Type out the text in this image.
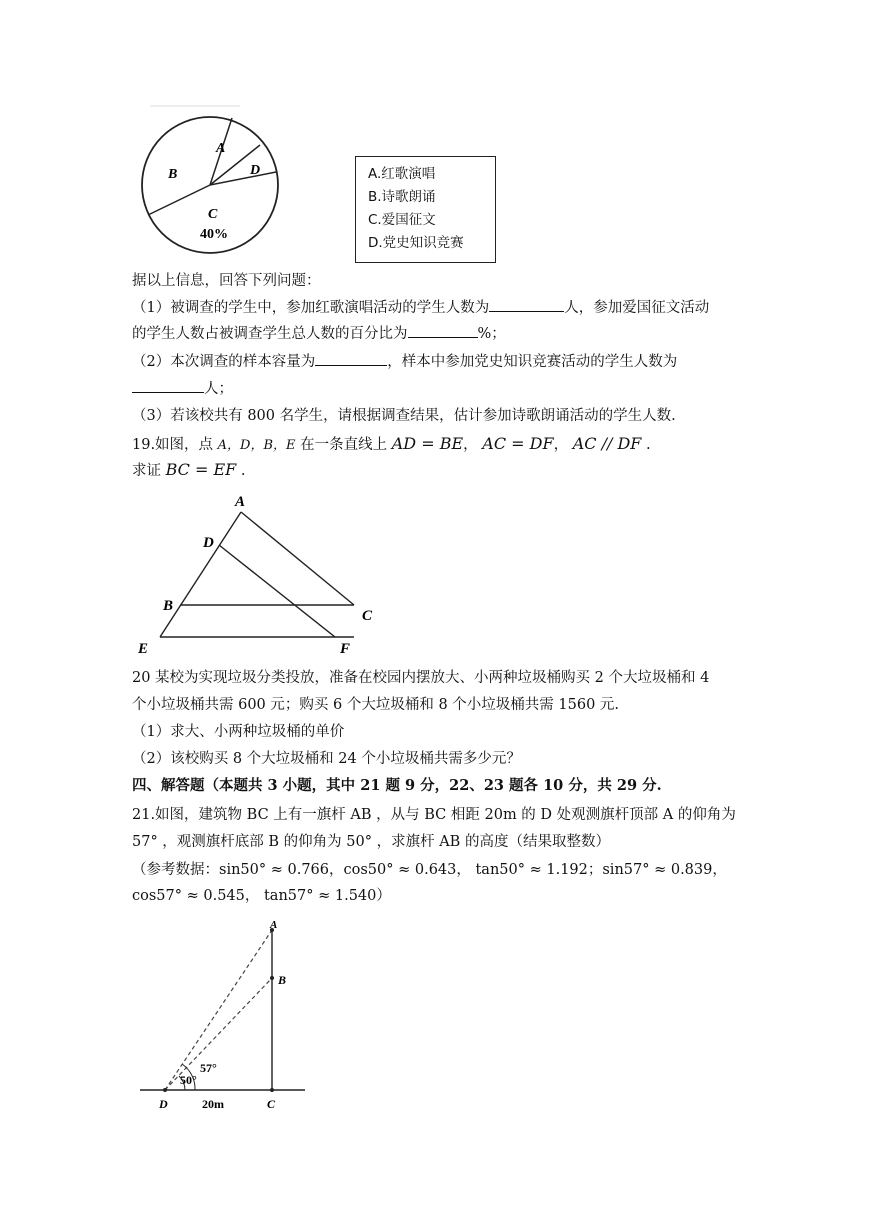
A
B	D
C
40%
A.红歌演唱
B.诗歌朗诵
C.爱国征文
D.党史知识竞赛
据以上信息，回答下列问题：
（1）被调查的学生中，参加红歌演唱活动的学生人数为	人，参加爱国征文活动
的学生人数占被调查学生总人数的百分比为	%；
（2）本次调查的样本容量为	，样本中参加党史知识竞赛活动的学生人数为
人；
（3）若该校共有 800 名学生，请根据调查结果，估计参加诗歌朗诵活动的学生人数.
19.如图，点 A，D，B，E 在一条直线上 AD = BE， AC = DF， AC // DF .
求证 BC = EF .
A
D
B
C
E	F
20 某校为实现垃圾分类投放，准备在校园内摆放大、小两种垃圾桶购买 2 个大垃圾桶和 4
个小垃圾桶共需 600 元；购买 6 个大垃圾桶和 8 个小垃圾桶共需 1560 元.
（1）求大、小两种垃圾桶的单价
（2）该校购买 8 个大垃圾桶和 24 个小垃圾桶共需多少元？
四、解答题（本题共 3 小题，其中 21 题 9 分，22、23 题各 10 分，共 29 分.
21.如图，建筑物 BC 上有一旗杆 AB ，从与 BC 相距 20m 的 D 处观测旗杆顶部 A 的仰角为
57° ，观测旗杆底部 B 的仰角为 50° ，求旗杆 AB 的高度（结果取整数）
（参考数据：sin50° ≈ 0.766，cos50° ≈ 0.643， tan50° ≈ 1.192；sin57° ≈ 0.839，
cos57° ≈ 0.545， tan57° ≈ 1.540）
A
B
C
D
57°
50°
20m
